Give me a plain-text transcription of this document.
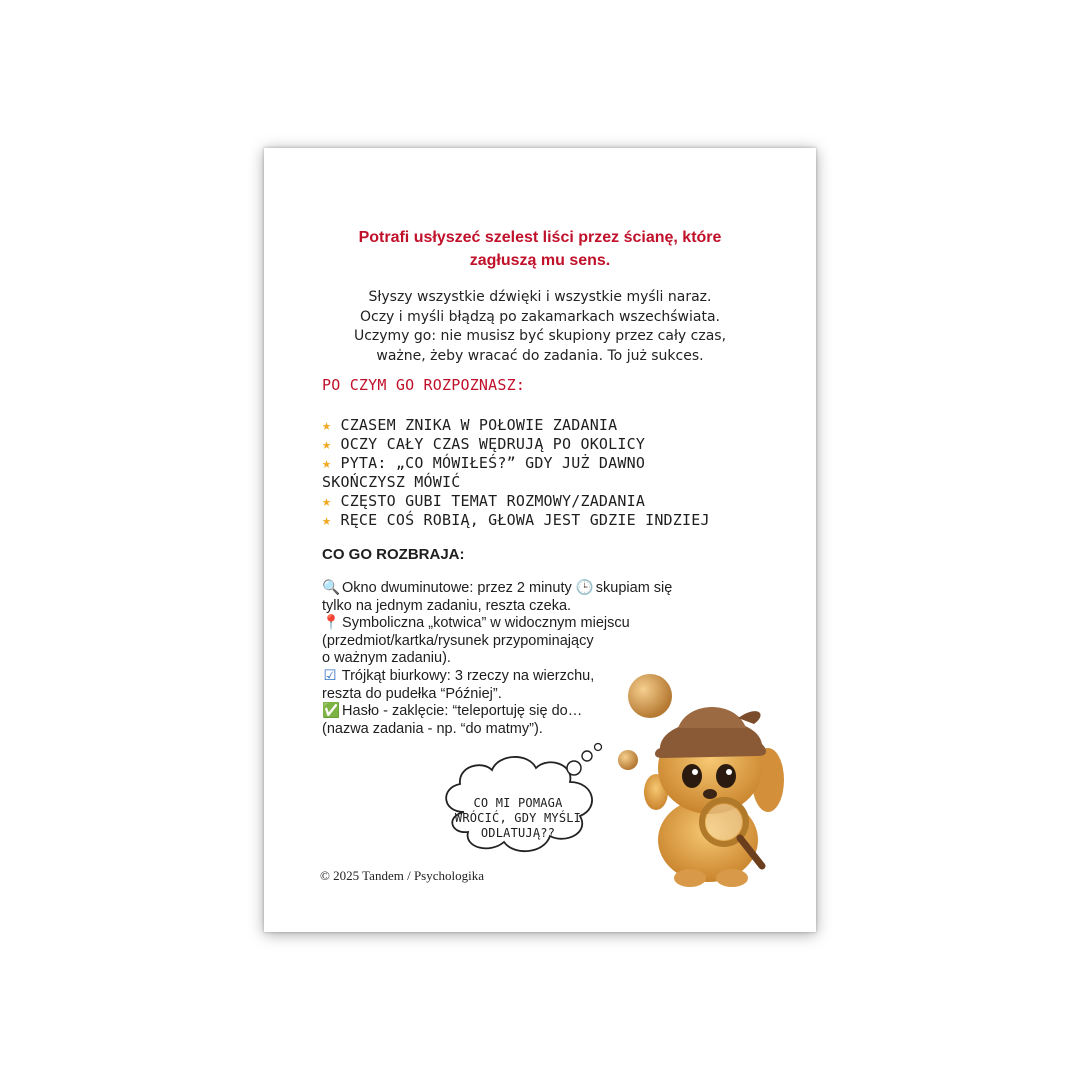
Potrafi usłyszeć szelest liści przez ścianę, które
zagłuszą mu sens.
Słyszy wszystkie dźwięki i wszystkie myśli naraz.
Oczy i myśli błądzą po zakamarkach wszechświata.
Uczymy go: nie musisz być skupiony przez cały czas,
ważne, żeby wracać do zadania. To już sukces.
PO CZYM GO ROZPOZNASZ:
★ CZASEM ZNIKA W POŁOWIE ZADANIA
★ OCZY CAŁY CZAS WĘDRUJĄ PO OKOLICY
★ PYTA: „CO MÓWIŁEŚ?” GDY JUŻ DAWNO
SKOŃCZYSZ MÓWIĆ
★ CZĘSTO GUBI TEMAT ROZMOWY/ZADANIA
★ RĘCE COŚ ROBIĄ, GŁOWA JEST GDZIE INDZIEJ
CO GO ROZBRAJA:
🔍 Okno dwuminutowe: przez 2 minuty 🕒 skupiam się
tylko na jednym zadaniu, reszta czeka.
📍 Symboliczna „kotwica” w widocznym miejscu
(przedmiot/kartka/rysunek przypominający
o ważnym zadaniu).
☑ Trójkąt biurkowy: 3 rzeczy na wierzchu,
reszta do pudełka “Później”.
✅ Hasło - zaklęcie: “teleportuję się do…
(nazwa zadania - np. “do matmy”).
CO MI POMAGA
WRÓCIĆ, GDY MYŚLI
ODLATUJĄ??
© 2025 Tandem / Psychologika
